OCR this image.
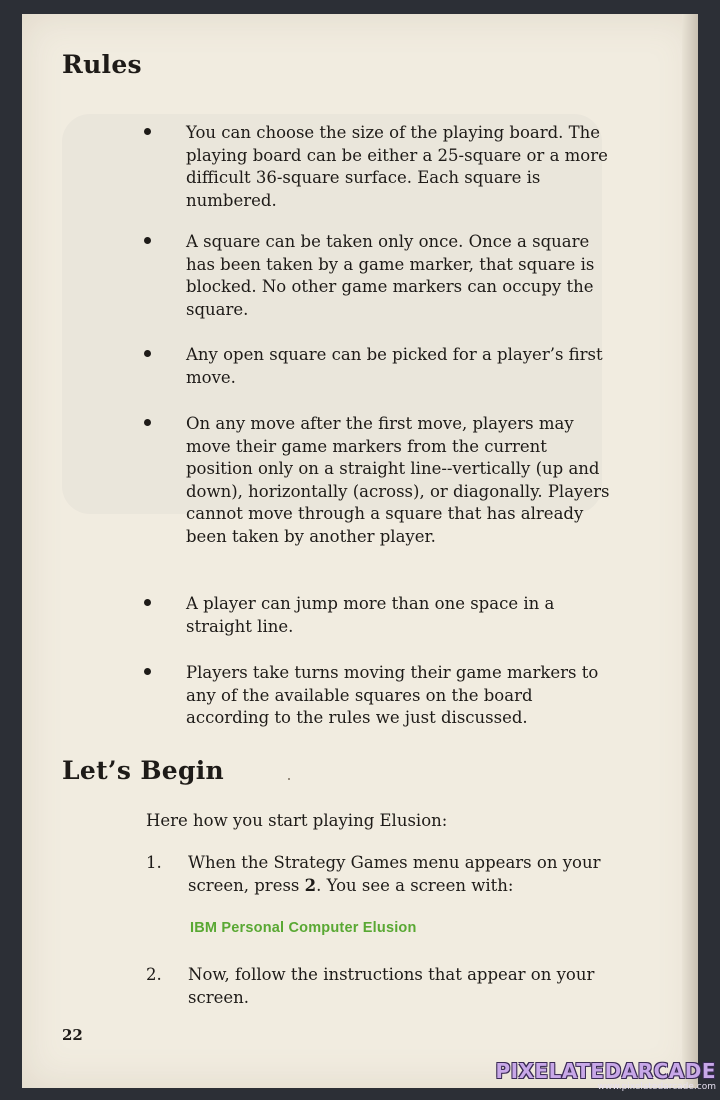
Rules
You can choose the size of the playing board. The playing board can be either a 25-square or a more difficult 36-square surface. Each square is numbered.
A square can be taken only once. Once a square has been taken by a game marker, that square is blocked. No other game markers can occupy the square.
Any open square can be picked for a player’s first move.
On any move after the first move, players may move their game markers from the current position only on a straight line--vertically (up and down), horizontally (across), or diagonally. Players cannot move through a square that has already been taken by another player.
A player can jump more than one space in a straight line.
Players take turns moving their game markers to any of the available squares on the board according to the rules we just discussed.
Let’s Begin
Here how you start playing Elusion:
1. When the Strategy Games menu appears on your screen, press 2. You see a screen with:
IBM Personal Computer Elusion
2. Now, follow the instructions that appear on your screen.
22
PIXELATEDARCADE
www.pixelatedarcade.com
